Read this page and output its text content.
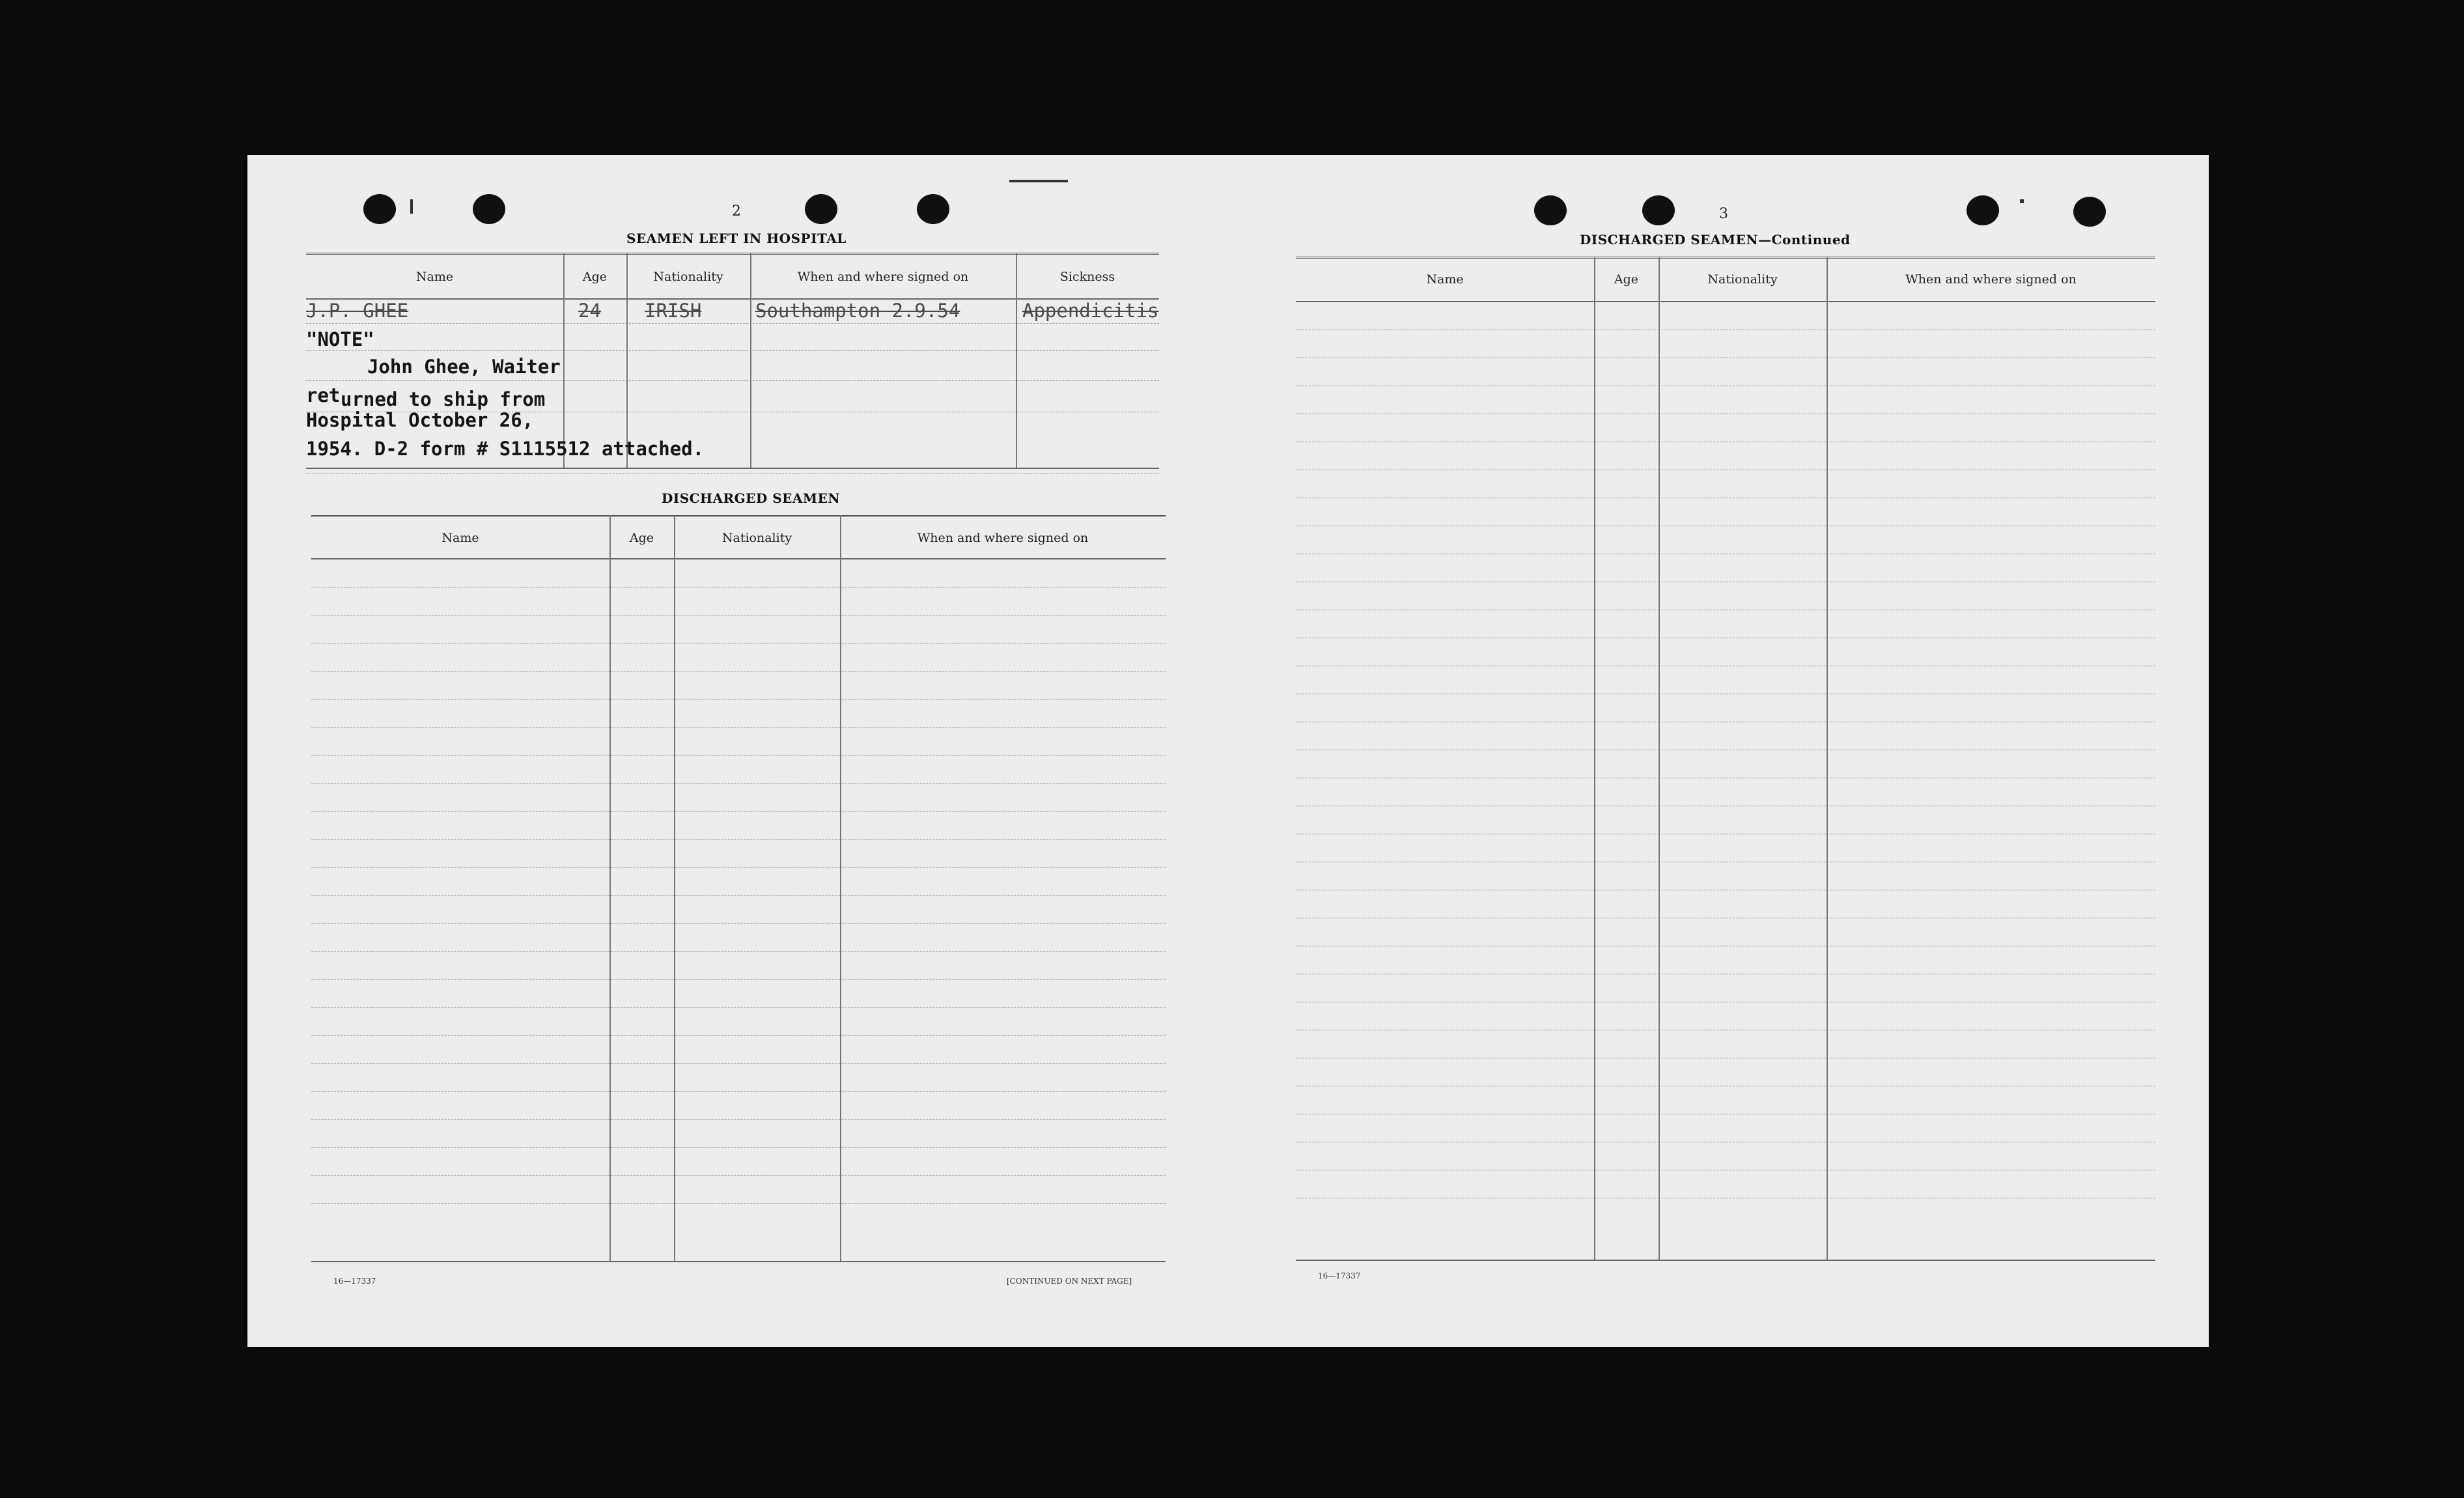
2
SEAMEN LEFT IN HOSPITAL
Name	Age	Nationality	When and where signed on	Sickness
J.P. GHEE	24 IRISH	Southampton 2.9.54	Appendicitis
"NOTE"
John Ghee, Waiter
ret urned to ship from
Hospital October 26,
1954. D-2 form # S1115512 attached.
DISCHARGED SEAMEN
Name	Age	Nationality	When and where signed on
16—17337	[CONTINUED ON NEXT PAGE]
3
DISCHARGED SEAMEN—Continued
Name	Age	Nationality	When and where signed on
16—17337
